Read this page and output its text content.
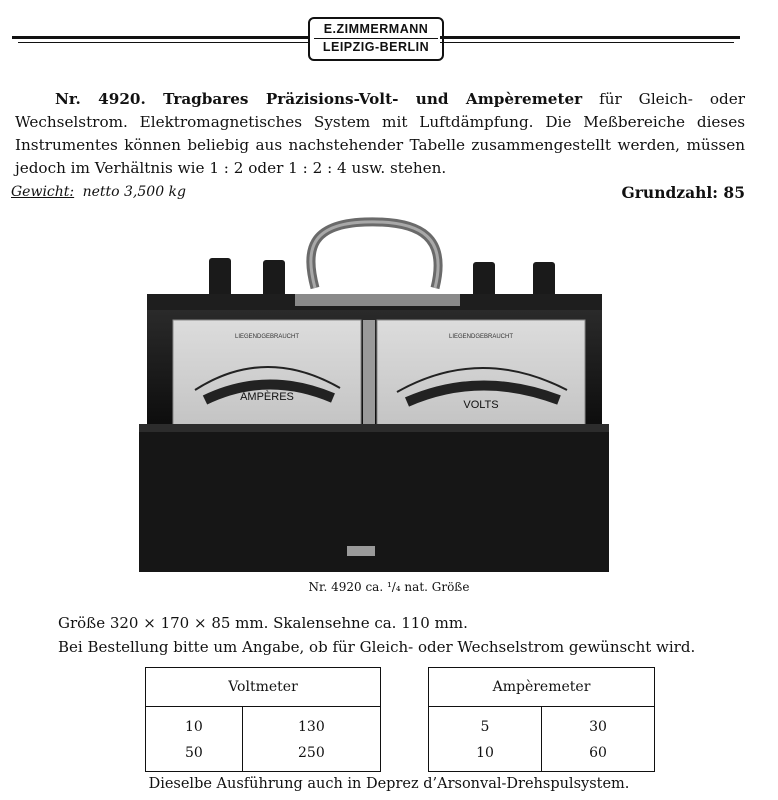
E.ZIMMERMANN
LEIPZIG-BERLIN
Nr. 4920. Tragbares Präzisions-Volt- und Ampèremeter für Gleich- oder Wechselstrom. Elektromagnetisches System mit Luftdämpfung. Die Meßbereiche dieses Instrumentes können beliebig aus nachstehender Tabelle zusammengestellt werden, müssen jedoch im Verhältnis wie 1 : 2 oder 1 : 2 : 4 usw. stehen.
Gewicht: netto 3,500 kg	Grundzahl: 85
AMPÈRES
LIEGENDGEBRAUCHT
VOLTS
LIEGENDGEBRAUCHT
Nr. 4920 ca. ¹/₄ nat. Größe
Größe 320 × 170 × 85 mm. Skalensehne ca. 110 mm.
Bei Bestellung bitte um Angabe, ob für Gleich- oder Wechselstrom gewünscht wird.
Voltmeter	
10	130
50	250
Ampèremeter	
5	30
10	60
Dieselbe Ausführung auch in Deprez d’Arsonval-Drehspulsystem.
